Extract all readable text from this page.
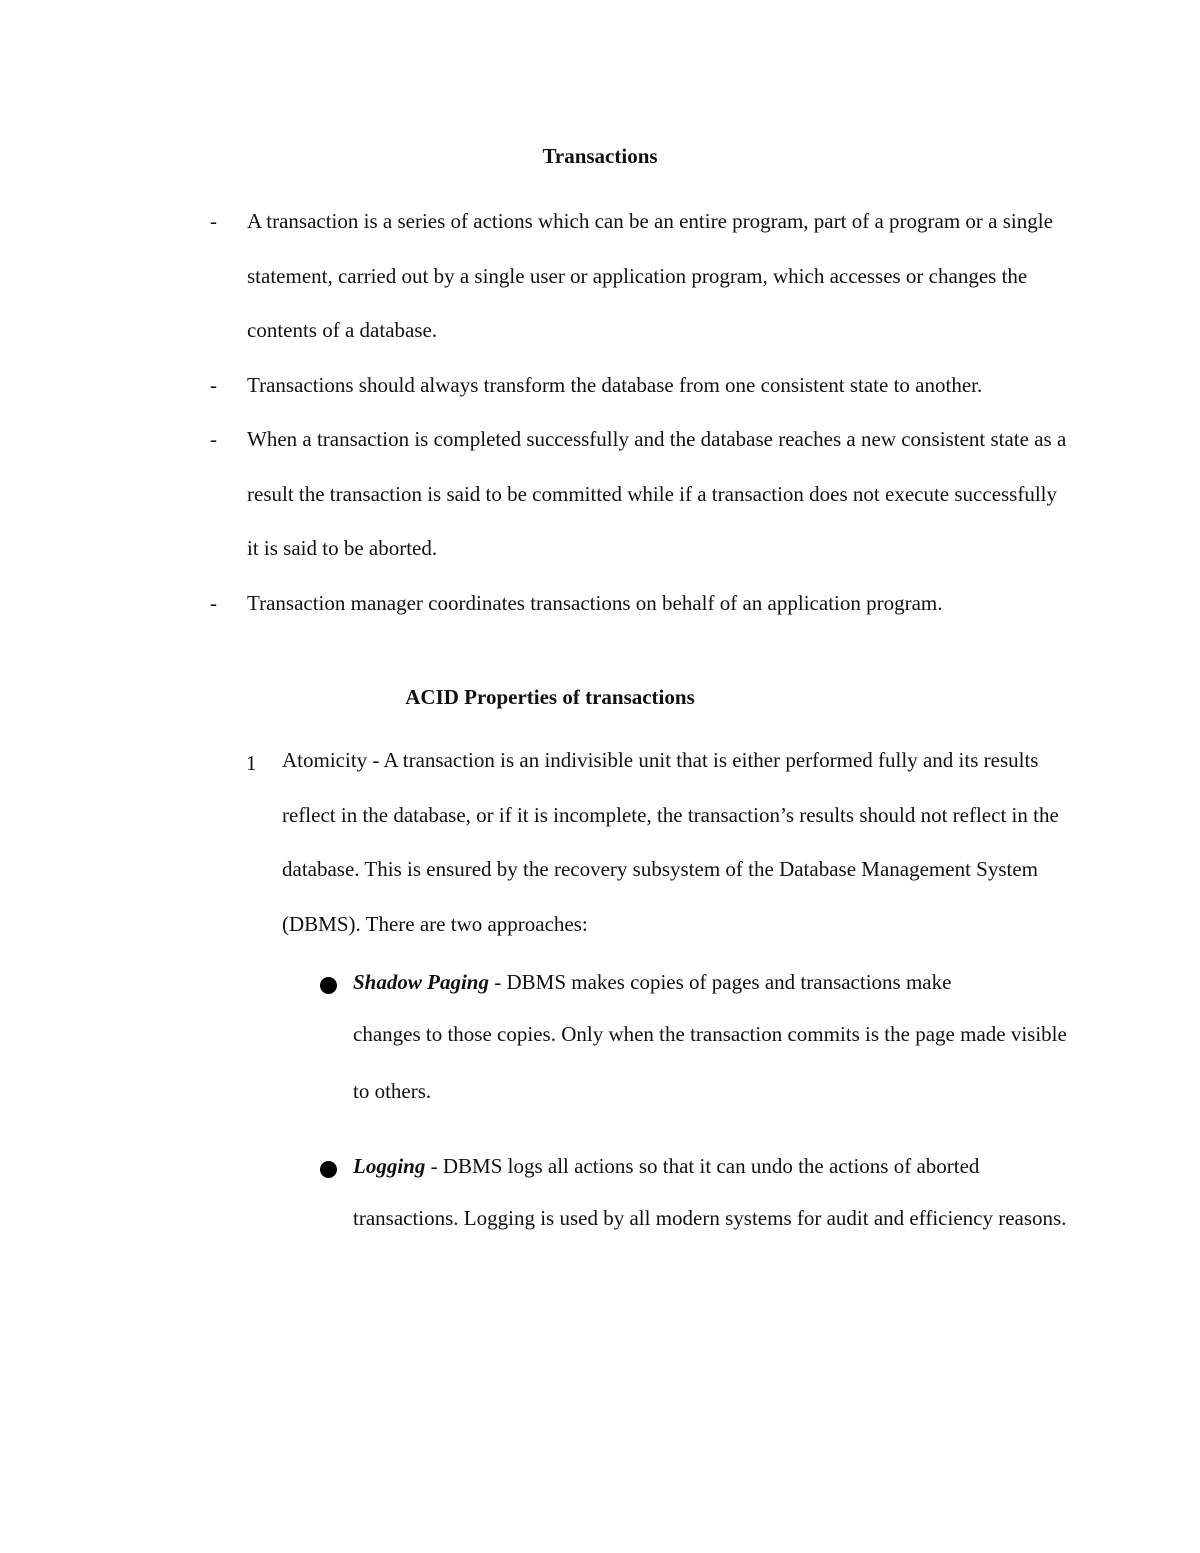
Transactions
-	A transaction is a series of actions which can be an entire program, part of a program or a single statement, carried out by a single user or application program, which accesses or changes the contents of a database.
-	Transactions should always transform the database from one consistent state to another.
-	When a transaction is completed successfully and the database reaches a new consistent state as a result the transaction is said to be committed while if a transaction does not execute successfully it is said to be aborted.
-	Transaction manager coordinates transactions on behalf of an application program.
ACID Properties of transactions
1	Atomicity - A transaction is an indivisible unit that is either performed fully and its results reflect in the database, or if it is incomplete, the transaction’s results should not reflect in the database. This is ensured by the recovery subsystem of the Database Management System (DBMS). There are two approaches:
Shadow Paging - DBMS makes copies of pages and transactions make
changes to those copies. Only when the transaction commits is the page made visible to others.
Logging - DBMS logs all actions so that it can undo the actions of aborted
transactions. Logging is used by all modern systems for audit and efficiency reasons.
